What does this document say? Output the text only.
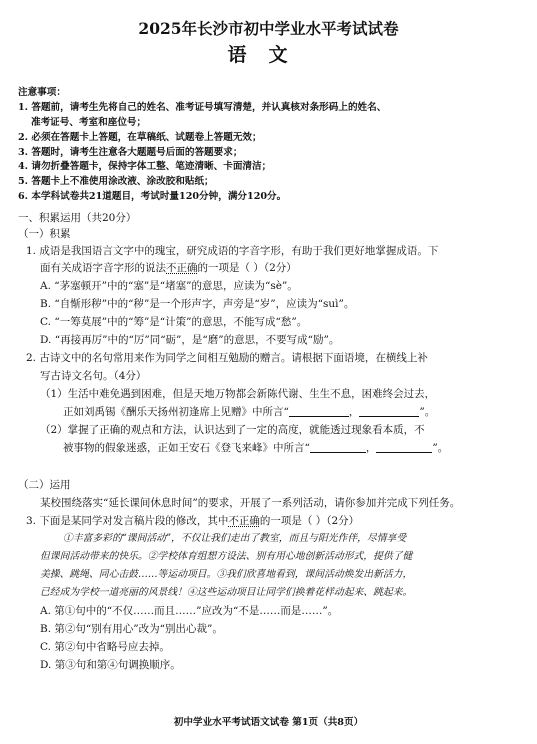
2025年长沙市初中学业水平考试试卷
语文
注意事项：
1. 答题前，请考生先将自己的姓名、准考证号填写清楚，并认真核对条形码上的姓名、
准考证号、考室和座位号；
2. 必须在答题卡上答题，在草稿纸、试题卷上答题无效；
3. 答题时，请考生注意各大题题号后面的答题要求；
4. 请勿折叠答题卡，保持字体工整、笔迹清晰、卡面清洁；
5. 答题卡上不准使用涂改液、涂改胶和贴纸；
6. 本学科试卷共21道题目，考试时量120分钟，满分120分。
一、积累运用（共20分）
（一）积累
1. 成语是我国语言文字中的瑰宝，研究成语的字音字形，有助于我们更好地掌握成语。下
面有关成语字音字形的说法不正确的一项是（ ）（2分）
A. “茅塞顿开”中的“塞”是“堵塞”的意思，应读为“sè”。
B. “自惭形秽”中的“秽”是一个形声字，声旁是“岁”，应读为“suì”。
C. “一筹莫展”中的“筹”是“计策”的意思，不能写成“愁”。
D. “再接再厉”中的“厉”同“砺”，是“磨”的意思，不要写成“励”。
2. 古诗文中的名句常用来作为同学之间相互勉励的赠言。请根据下面语境，在横线上补
写古诗文名句。（4分）
（1）生活中难免遇到困难，但是天地万物都会新陈代谢、生生不息，困难终会过去，
正如刘禹锡《酬乐天扬州初逢席上见赠》中所言“	，	”。
（2）掌握了正确的观点和方法，认识达到了一定的高度，就能透过现象看本质，不
被事物的假象迷惑，正如王安石《登飞来峰》中所言“	，	”。
（二）运用
某校围绕落实“延长课间休息时间”的要求，开展了一系列活动，请你参加并完成下列任务。
3. 下面是某同学对发言稿片段的修改，其中不正确的一项是（ ）（2分）
①丰富多彩的“课间活动”，不仅让我们走出了教室，而且与阳光作伴，尽情享受
但课间活动带来的快乐。②学校体育组想方设法、别有用心地创新活动形式，提供了健
美操、跳绳、同心击鼓……等运动项目。③我们欣喜地看到，课间活动焕发出新活力，
已经成为学校一道亮丽的风景线！④这些运动项目让同学们换着花样动起来、跳起来。
A. 第①句中的“不仅……而且……”应改为“不是……而是……”。
B. 第②句“别有用心”改为“别出心裁”。
C. 第②句中省略号应去掉。
D. 第③句和第④句调换顺序。
初中学业水平考试语文试卷 第1页（共8页）
